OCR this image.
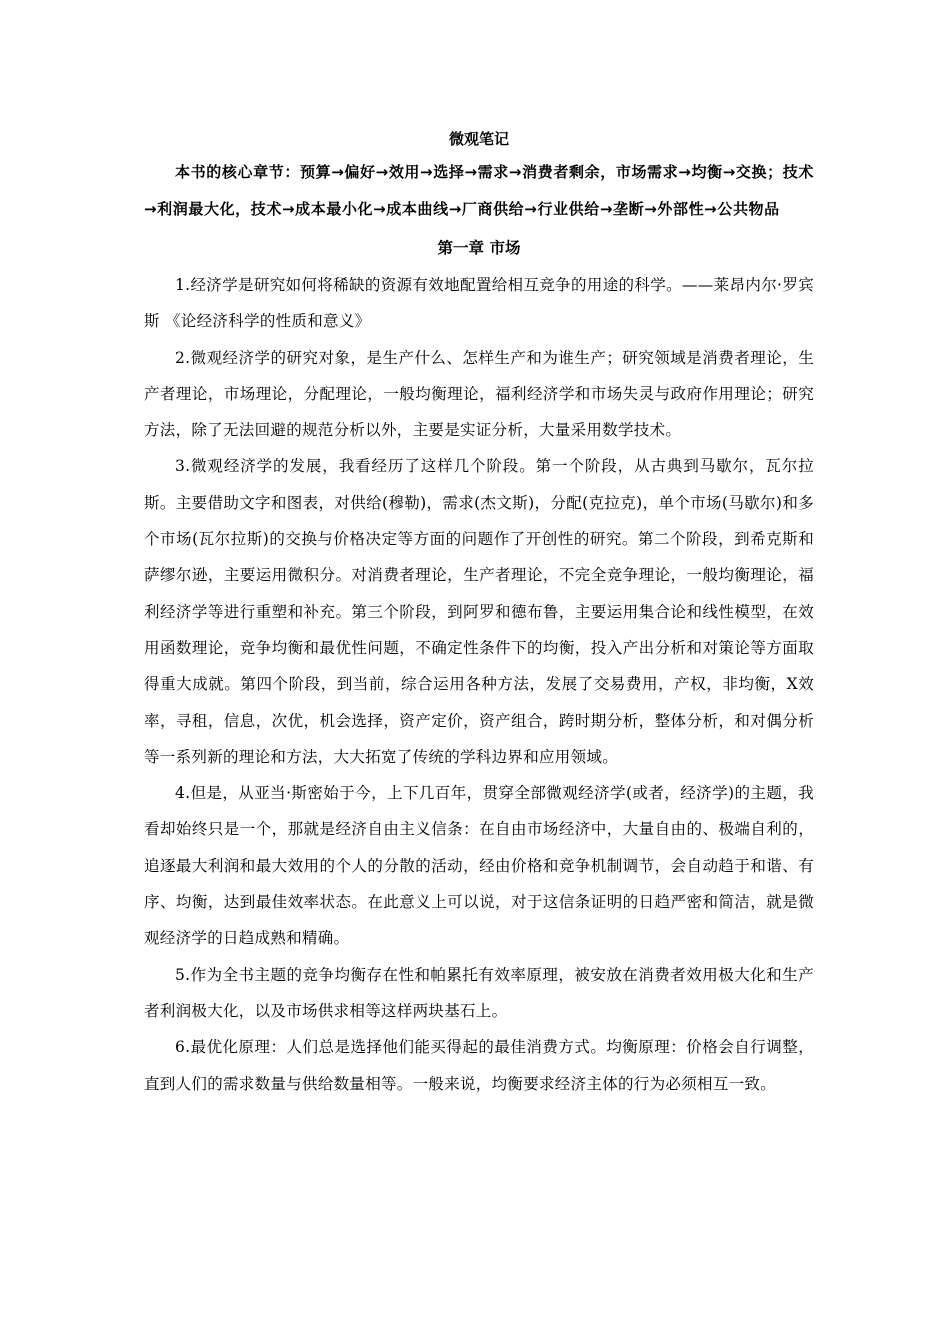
微观笔记

本书的核心章节：预算→偏好→效用→选择→需求→消费者剩余，市场需求→均衡→交换；技术→利润最大化，技术→成本最小化→成本曲线→厂商供给→行业供给→垄断→外部性→公共物品

第一章 市场

1.经济学是研究如何将稀缺的资源有效地配置给相互竞争的用途的科学。——莱昂内尔·罗宾斯 《论经济科学的性质和意义》

2.微观经济学的研究对象，是生产什么、怎样生产和为谁生产；研究领域是消费者理论，生产者理论，市场理论，分配理论，一般均衡理论，福利经济学和市场失灵与政府作用理论；研究方法，除了无法回避的规范分析以外，主要是实证分析，大量采用数学技术。

3.微观经济学的发展，我看经历了这样几个阶段。第一个阶段，从古典到马歇尔，瓦尔拉斯。主要借助文字和图表，对供给(穆勒)，需求(杰文斯)，分配(克拉克)，单个市场(马歇尔)和多个市场(瓦尔拉斯)的交换与价格决定等方面的问题作了开创性的研究。第二个阶段，到希克斯和萨缪尔逊，主要运用微积分。对消费者理论，生产者理论，不完全竞争理论，一般均衡理论，福利经济学等进行重塑和补充。第三个阶段，到阿罗和德布鲁，主要运用集合论和线性模型，在效用函数理论，竞争均衡和最优性问题，不确定性条件下的均衡，投入产出分析和对策论等方面取得重大成就。第四个阶段，到当前，综合运用各种方法，发展了交易费用，产权，非均衡，X效率，寻租，信息，次优，机会选择，资产定价，资产组合，跨时期分析，整体分析，和对偶分析等一系列新的理论和方法，大大拓宽了传统的学科边界和应用领域。

4.但是，从亚当·斯密始于今，上下几百年，贯穿全部微观经济学(或者，经济学)的主题，我看却始终只是一个，那就是经济自由主义信条：在自由市场经济中，大量自由的、极端自利的，追逐最大利润和最大效用的个人的分散的活动，经由价格和竞争机制调节，会自动趋于和谐、有序、均衡，达到最佳效率状态。在此意义上可以说，对于这信条证明的日趋严密和简洁，就是微观经济学的日趋成熟和精确。

5.作为全书主题的竞争均衡存在性和帕累托有效率原理，被安放在消费者效用极大化和生产者利润极大化，以及市场供求相等这样两块基石上。

6.最优化原理：人们总是选择他们能买得起的最佳消费方式。均衡原理：价格会自行调整，直到人们的需求数量与供给数量相等。一般来说，均衡要求经济主体的行为必须相互一致。
